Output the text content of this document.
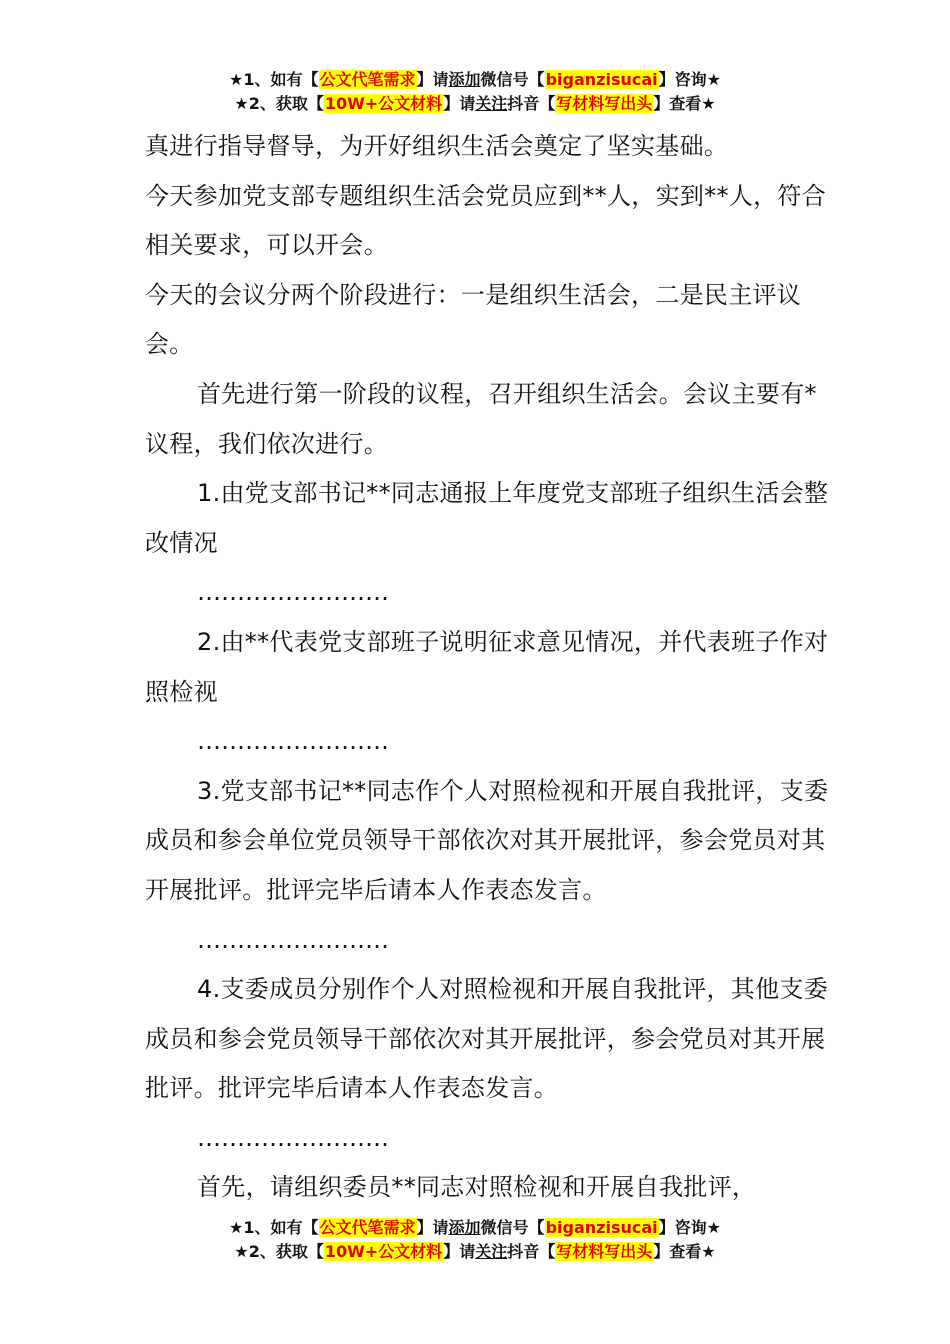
★1、如有【公文代笔需求】请添加微信号【biganzisucai】咨询★
★2、获取【10W+公文材料】请关注抖音【写材料写出头】查看★

真进行指导督导，为开好组织生活会奠定了坚实基础。

今天参加党支部专题组织生活会党员应到**人，实到**人，符合相关要求，可以开会。

今天的会议分两个阶段进行：一是组织生活会，二是民主评议会。

首先进行第一阶段的议程，召开组织生活会。会议主要有*议程，我们依次进行。

1.由党支部书记**同志通报上年度党支部班子组织生活会整改情况

……………………

2.由**代表党支部班子说明征求意见情况，并代表班子作对照检视

……………………

3.党支部书记**同志作个人对照检视和开展自我批评，支委成员和参会单位党员领导干部依次对其开展批评，参会党员对其开展批评。批评完毕后请本人作表态发言。

……………………

4.支委成员分别作个人对照检视和开展自我批评，其他支委成员和参会党员领导干部依次对其开展批评，参会党员对其开展批评。批评完毕后请本人作表态发言。

……………………

首先，请组织委员**同志对照检视和开展自我批评，

★1、如有【公文代笔需求】请添加微信号【biganzisucai】咨询★
★2、获取【10W+公文材料】请关注抖音【写材料写出头】查看★
